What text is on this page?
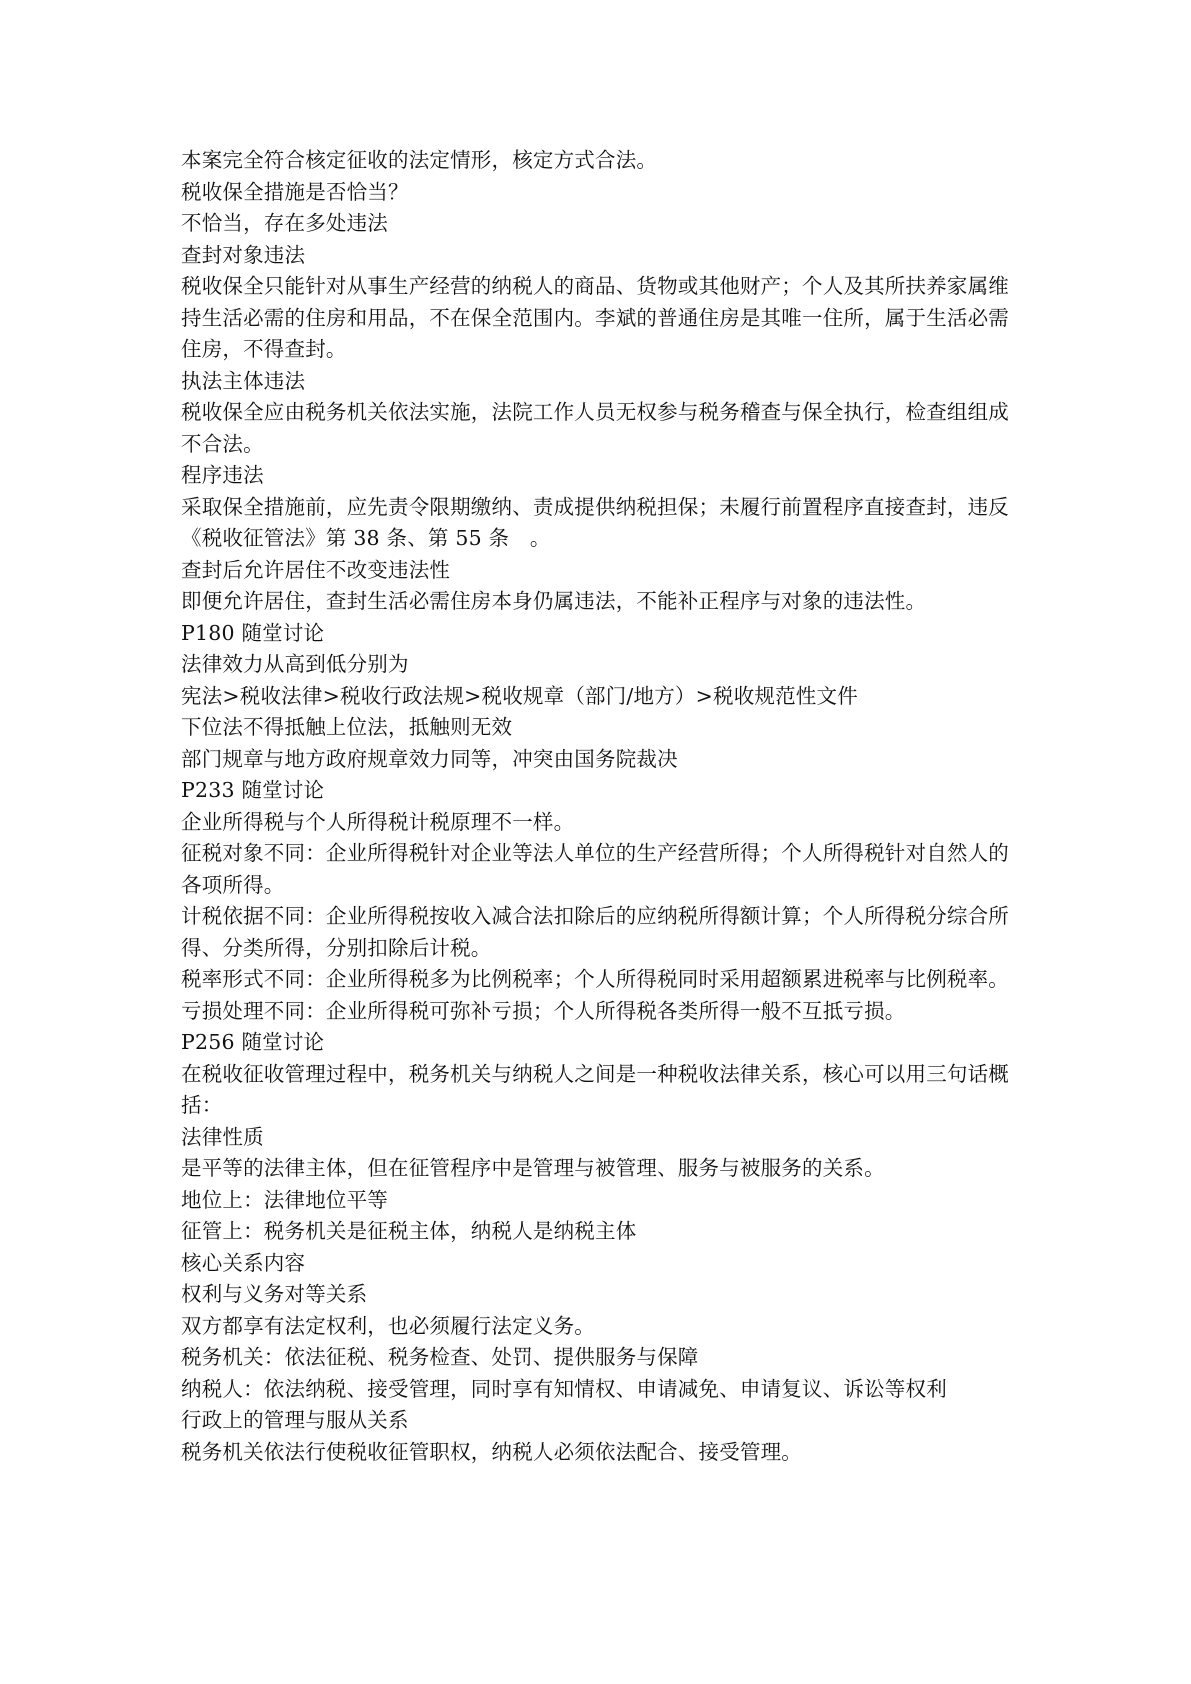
本案完全符合核定征收的法定情形，核定方式合法。

税收保全措施是否恰当？

不恰当，存在多处违法

查封对象违法

税收保全只能针对从事生产经营的纳税人的商品、货物或其他财产；个人及其所扶养家属维持生活必需的住房和用品，不在保全范围内。李斌的普通住房是其唯一住所，属于生活必需住房，不得查封。

执法主体违法

税收保全应由税务机关依法实施，法院工作人员无权参与税务稽查与保全执行，检查组组成不合法。

程序违法

采取保全措施前，应先责令限期缴纳、责成提供纳税担保；未履行前置程序直接查封，违反《税收征管法》第 38 条、第 55 条　。

查封后允许居住不改变违法性

即便允许居住，查封生活必需住房本身仍属违法，不能补正程序与对象的违法性。

P180 随堂讨论

法律效力从高到低分别为

宪法>税收法律>税收行政法规>税收规章（部门/地方）>税收规范性文件

下位法不得抵触上位法，抵触则无效

部门规章与地方政府规章效力同等，冲突由国务院裁决

P233 随堂讨论

企业所得税与个人所得税计税原理不一样。

征税对象不同：企业所得税针对企业等法人单位的生产经营所得；个人所得税针对自然人的各项所得。

计税依据不同：企业所得税按收入减合法扣除后的应纳税所得额计算；个人所得税分综合所得、分类所得，分别扣除后计税。

税率形式不同：企业所得税多为比例税率；个人所得税同时采用超额累进税率与比例税率。

亏损处理不同：企业所得税可弥补亏损；个人所得税各类所得一般不互抵亏损。

P256 随堂讨论

在税收征收管理过程中，税务机关与纳税人之间是一种税收法律关系，核心可以用三句话概括：

法律性质

是平等的法律主体，但在征管程序中是管理与被管理、服务与被服务的关系。

地位上：法律地位平等

征管上：税务机关是征税主体，纳税人是纳税主体

核心关系内容

权利与义务对等关系

双方都享有法定权利，也必须履行法定义务。

税务机关：依法征税、税务检查、处罚、提供服务与保障

纳税人：依法纳税、接受管理，同时享有知情权、申请减免、申请复议、诉讼等权利

行政上的管理与服从关系

税务机关依法行使税收征管职权，纳税人必须依法配合、接受管理。
